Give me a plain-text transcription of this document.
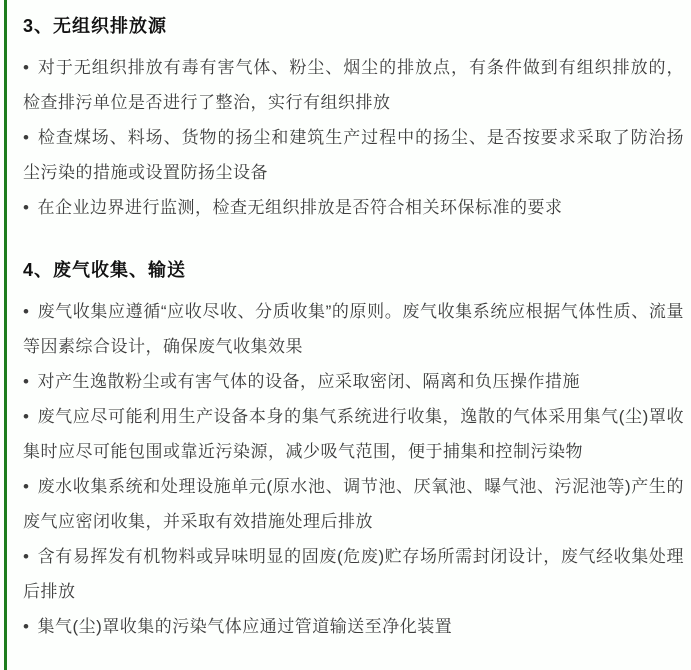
3、无组织排放源

• 对于无组织排放有毒有害气体、粉尘、烟尘的排放点，有条件做到有组织排放的，检查排污单位是否进行了整治，实行有组织排放

• 检查煤场、料场、货物的扬尘和建筑生产过程中的扬尘、是否按要求采取了防治扬尘污染的措施或设置防扬尘设备

• 在企业边界进行监测，检查无组织排放是否符合相关环保标准的要求

4、废气收集、输送

• 废气收集应遵循“应收尽收、分质收集”的原则。废气收集系统应根据气体性质、流量等因素综合设计，确保废气收集效果

• 对产生逸散粉尘或有害气体的设备，应采取密闭、隔离和负压操作措施

• 废气应尽可能利用生产设备本身的集气系统进行收集，逸散的气体采用集气(尘)罩收集时应尽可能包围或靠近污染源，减少吸气范围，便于捕集和控制污染物

• 废水收集系统和处理设施单元(原水池、调节池、厌氧池、曝气池、污泥池等)产生的废气应密闭收集，并采取有效措施处理后排放

• 含有易挥发有机物料或异味明显的固废(危废)贮存场所需封闭设计，废气经收集处理后排放

• 集气(尘)罩收集的污染气体应通过管道输送至净化装置
